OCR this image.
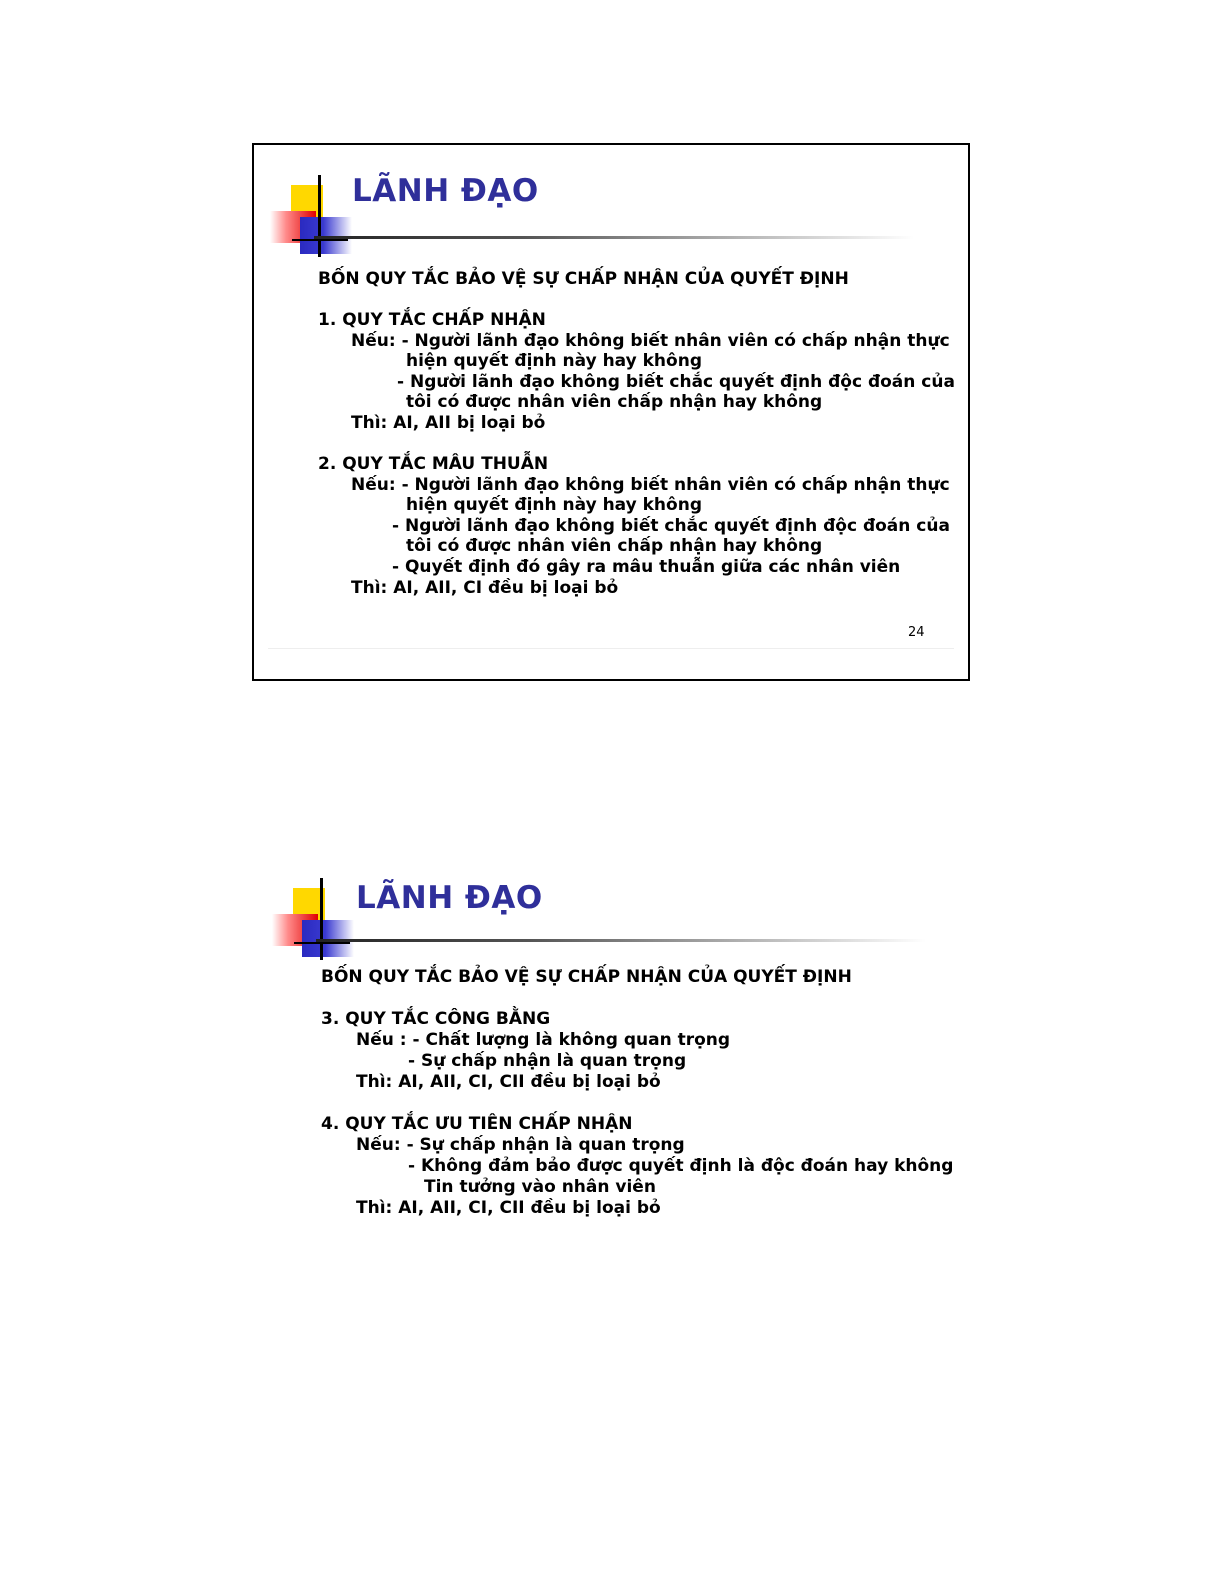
LÃNH ĐẠO
BỐN QUY TẮC BẢO VỆ SỰ CHẤP NHẬN CỦA QUYẾT ĐỊNH
1. QUY TẮC CHẤP NHẬN
Nếu: - Người lãnh đạo không biết nhân viên có chấp nhận thực
hiện quyết định này hay không
- Người lãnh đạo không biết chắc quyết định độc đoán của
tôi có được nhân viên chấp nhận hay không
Thì: AI, AII bị loại bỏ
2. QUY TẮC MÂU THUẪN
Nếu: - Người lãnh đạo không biết nhân viên có chấp nhận thực
hiện quyết định này hay không
- Người lãnh đạo không biết chắc quyết định độc đoán của
tôi có được nhân viên chấp nhận hay không
- Quyết định đó gây ra mâu thuẫn giữa các nhân viên
Thì: AI, AII, CI đều bị loại bỏ
24
LÃNH ĐẠO
BỐN QUY TẮC BẢO VỆ SỰ CHẤP NHẬN CỦA QUYẾT ĐỊNH
3. QUY TẮC CÔNG BẰNG
Nếu : - Chất lượng là không quan trọng
- Sự chấp nhận là quan trọng
Thì: AI, AII, CI, CII đều bị loại bỏ
4. QUY TẮC ƯU TIÊN CHẤP NHẬN
Nếu: - Sự chấp nhận là quan trọng
- Không đảm bảo được quyết định là độc đoán hay không
Tin tưởng vào nhân viên
Thì: AI, AII, CI, CII đều bị loại bỏ
